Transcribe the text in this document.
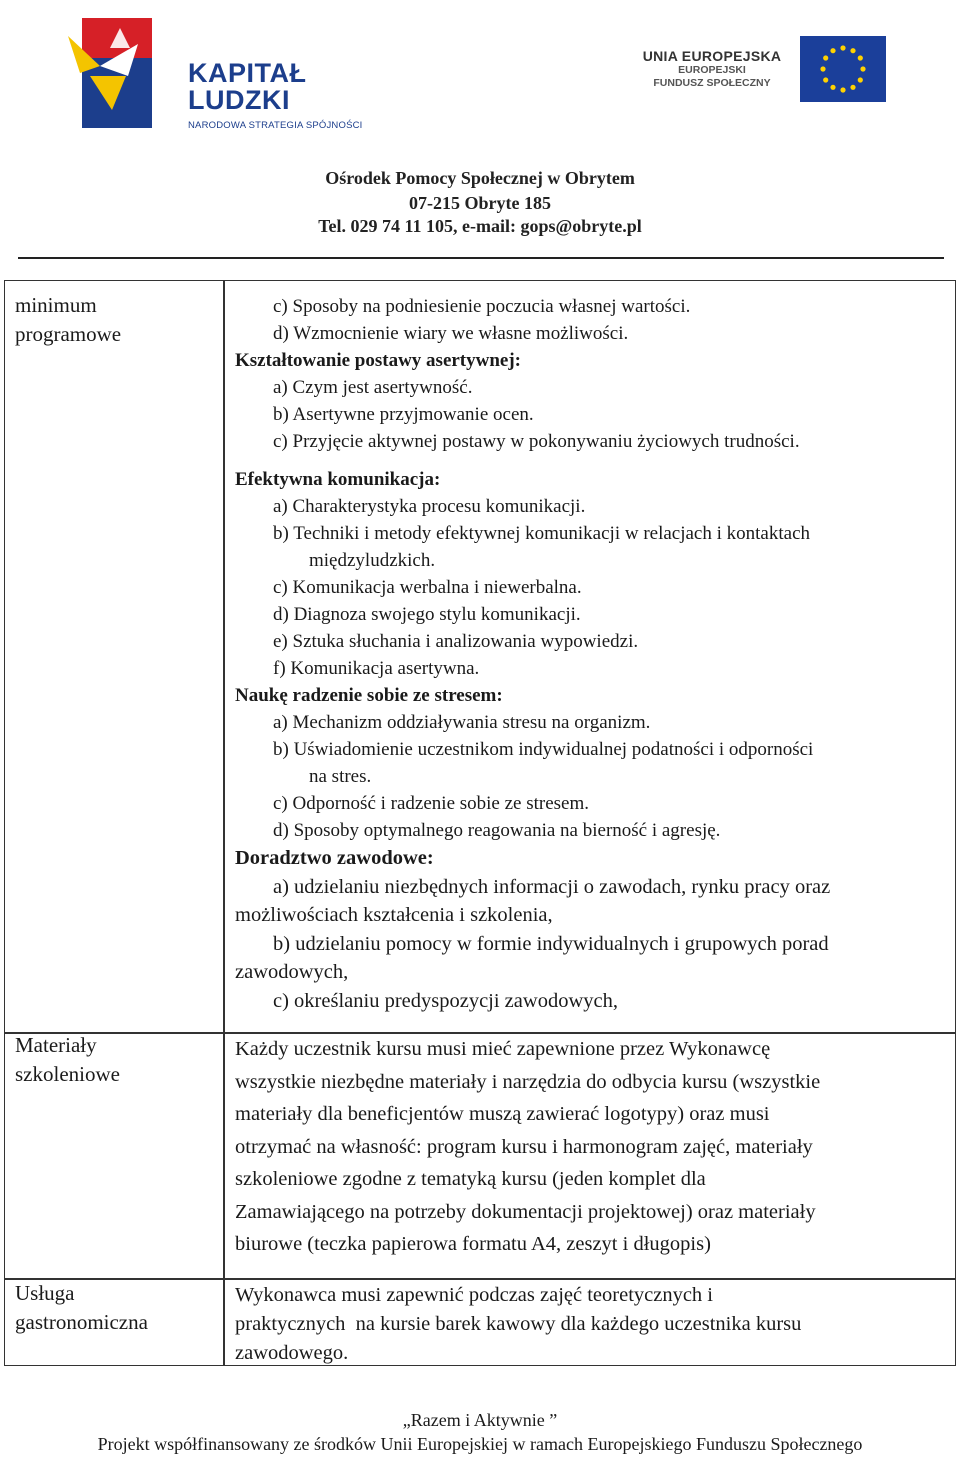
KAPITAŁ LUDZKI
NARODOWA STRATEGIA SPÓJNOŚCI
UNIA EUROPEJSKA
EUROPEJSKI
FUNDUSZ SPOŁECZNY
Ośrodek Pomocy Społecznej w Obrytem
07-215 Obryte 185
Tel. 029 74 11 105, e-mail: gops@obryte.pl
minimum
programowe
c) Sposoby na podniesienie poczucia własnej wartości.
d) Wzmocnienie wiary we własne możliwości.
Kształtowanie postawy asertywnej:
a) Czym jest asertywność.
b) Asertywne przyjmowanie ocen.
c) Przyjęcie aktywnej postawy w pokonywaniu życiowych trudności.
Efektywna komunikacja:
a) Charakterystyka procesu komunikacji.
b) Techniki i metody efektywnej komunikacji w relacjach i kontaktach
międzyludzkich.
c) Komunikacja werbalna i niewerbalna.
d) Diagnoza swojego stylu komunikacji.
e) Sztuka słuchania i analizowania wypowiedzi.
f) Komunikacja asertywna.
Naukę radzenie sobie ze stresem:
a) Mechanizm oddziaływania stresu na organizm.
b) Uświadomienie uczestnikom indywidualnej podatności i odporności
na stres.
c) Odporność i radzenie sobie ze stresem.
d) Sposoby optymalnego reagowania na bierność i agresję.
Doradztwo zawodowe:
a) udzielaniu niezbędnych informacji o zawodach, rynku pracy oraz
możliwościach kształcenia i szkolenia,
b) udzielaniu pomocy w formie indywidualnych i grupowych porad
zawodowych,
c) określaniu predyspozycji zawodowych,
Materiały
szkoleniowe
Każdy uczestnik kursu musi mieć zapewnione przez Wykonawcę
wszystkie niezbędne materiały i narzędzia do odbycia kursu (wszystkie
materiały dla beneficjentów muszą zawierać logotypy) oraz musi
otrzymać na własność: program kursu i harmonogram zajęć, materiały
szkoleniowe zgodne z tematyką kursu (jeden komplet dla
Zamawiającego na potrzeby dokumentacji projektowej) oraz materiały
biurowe (teczka papierowa formatu A4, zeszyt i długopis)
Usługa
gastronomiczna
Wykonawca musi zapewnić podczas zajęć teoretycznych i
praktycznych  na kursie barek kawowy dla każdego uczestnika kursu
zawodowego.
„Razem i Aktywnie ”
Projekt współfinansowany ze środków Unii Europejskiej w ramach Europejskiego Funduszu Społecznego
